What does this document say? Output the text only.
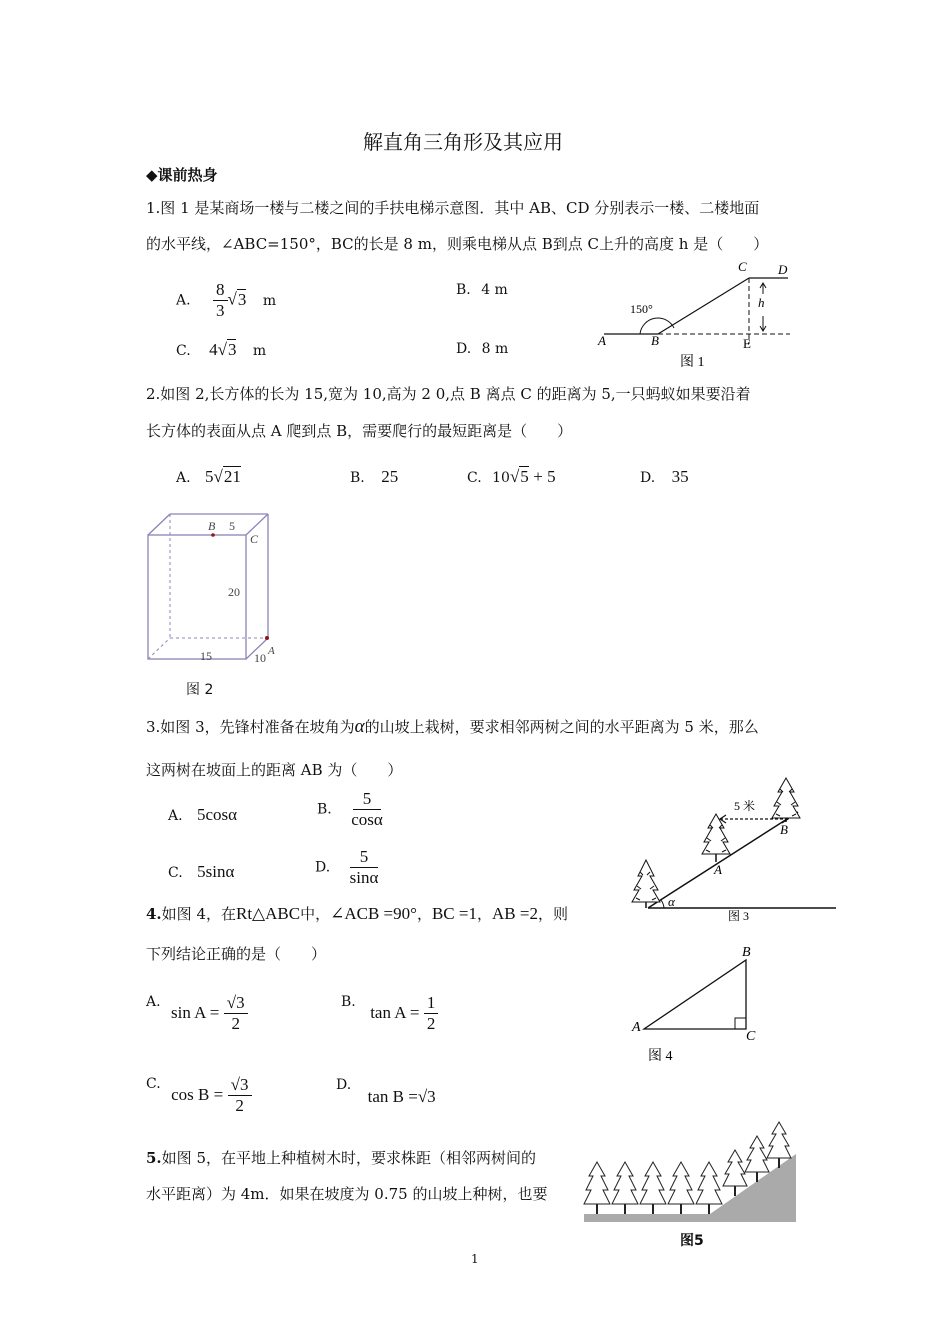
解直角三角形及其应用
◆课前热身
1.图 1 是某商场一楼与二楼之间的手扶电梯示意图．其中 AB、CD 分别表示一楼、二楼地面
的水平线，∠ABC=150°，BC的长是 8 m，则乘电梯从点 B到点 C上升的高度 h 是（　　）
A. $\frac{8}{3} √3$ m
B. 4 m
C. 4√3 m	D. 8 m
A	B
C D
E
h
150°
图 1
2.如图 2,长方体的长为 15,宽为 10,高为 2 0,点 B 离点 C 的距离为 5,一只蚂蚁如果要沿着
长方体的表面从点 A 爬到点 B，需要爬行的最短距离是（　　）
A. 5√21	B. 25	C. 10√5 + 5	D. 35
B 5
C
20
15	10 A
图 2
3.如图 3，先锋村准备在坡角为α的山坡上栽树，要求相邻两树之间的水平距离为 5 米，那么
这两树在坡面上的距离 AB 为（　　）
A. 5cosα	B. $\frac{5}{\cos\alpha}$
C. 5sinα	D. $\frac{5}{\sin\alpha}$
5 米
A
B
α
图 3
4.如图 4，在Rt△ABC中，∠ACB =90°，BC =1，AB =2，则
下列结论正确的是（　　）
A. $\sin A = \frac{√3}{2}$	B. $\tan A = \frac{1}{2}$
C. $\cos B = \frac{√3}{2}$	D. tan B =√3
A
B
C
图 4
5.如图 5，在平地上种植树木时，要求株距（相邻两树间的
水平距离）为 4m．如果在坡度为 0.75 的山坡上种树，也要
图5
1
